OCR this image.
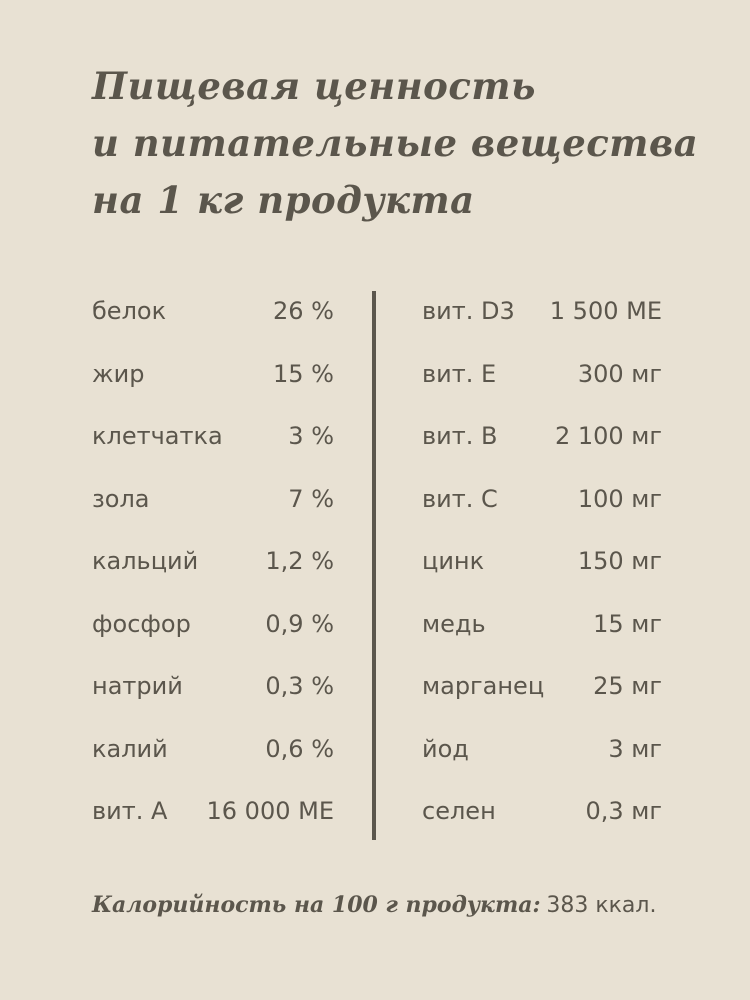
Пищевая ценность
и питательные вещества
на 1 кг продукта
белок	26 %
жир	15 %
клетчатка	3 %
зола	7 %
кальций	1,2 %
фосфор	0,9 %
натрий	0,3 %
калий	0,6 %
вит. А 16 000 МЕ
вит. D3 1 500 МЕ
вит. Е	300 мг
вит. В 2 100 мг
вит. С	100 мг
цинк	150 мг
медь	15 мг
марганец 25 мг
йод	3 мг
селен	0,3 мг
Калорийность на 100 г продукта: 383 ккал.
